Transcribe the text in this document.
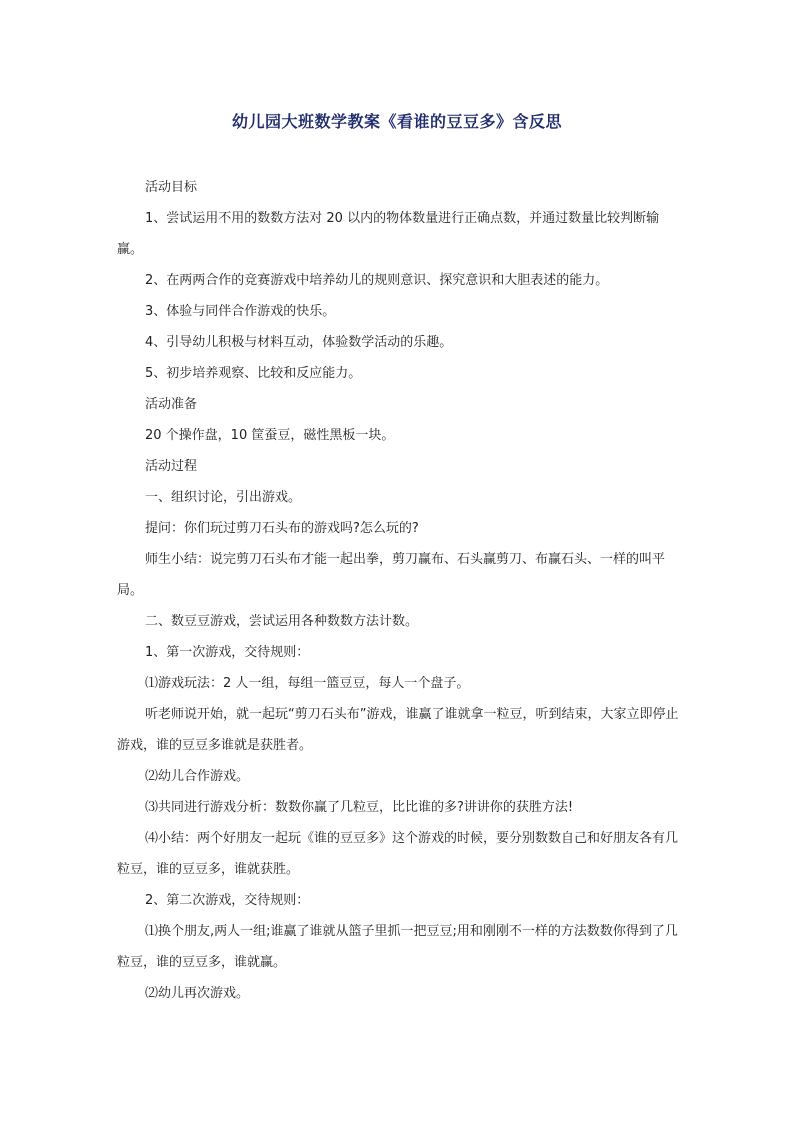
幼儿园大班数学教案《看谁的豆豆多》含反思

活动目标

1、尝试运用不用的数数方法对 20 以内的物体数量进行正确点数，并通过数量比较判断输赢。

2、在两两合作的竞赛游戏中培养幼儿的规则意识、探究意识和大胆表述的能力。

3、体验与同伴合作游戏的快乐。

4、引导幼儿积极与材料互动，体验数学活动的乐趣。

5、初步培养观察、比较和反应能力。

活动准备

20 个操作盘，10 筐蚕豆，磁性黑板一块。

活动过程

一、组织讨论，引出游戏。

提问：你们玩过剪刀石头布的游戏吗?怎么玩的?

师生小结：说完剪刀石头布才能一起出拳，剪刀赢布、石头赢剪刀、布赢石头、一样的叫平局。

二、数豆豆游戏，尝试运用各种数数方法计数。

1、第一次游戏，交待规则：

⑴游戏玩法：2 人一组，每组一篮豆豆，每人一个盘子。

听老师说开始，就一起玩“剪刀石头布”游戏，谁赢了谁就拿一粒豆，听到结束，大家立即停止游戏，谁的豆豆多谁就是获胜者。

⑵幼儿合作游戏。

⑶共同进行游戏分析：数数你赢了几粒豆，比比谁的多?讲讲你的获胜方法!

⑷小结：两个好朋友一起玩《谁的豆豆多》这个游戏的时候，要分别数数自己和好朋友各有几粒豆，谁的豆豆多，谁就获胜。

2、第二次游戏，交待规则：

⑴换个朋友,两人一组;谁赢了谁就从篮子里抓一把豆豆;用和刚刚不一样的方法数数你得到了几粒豆，谁的豆豆多，谁就赢。

⑵幼儿再次游戏。
